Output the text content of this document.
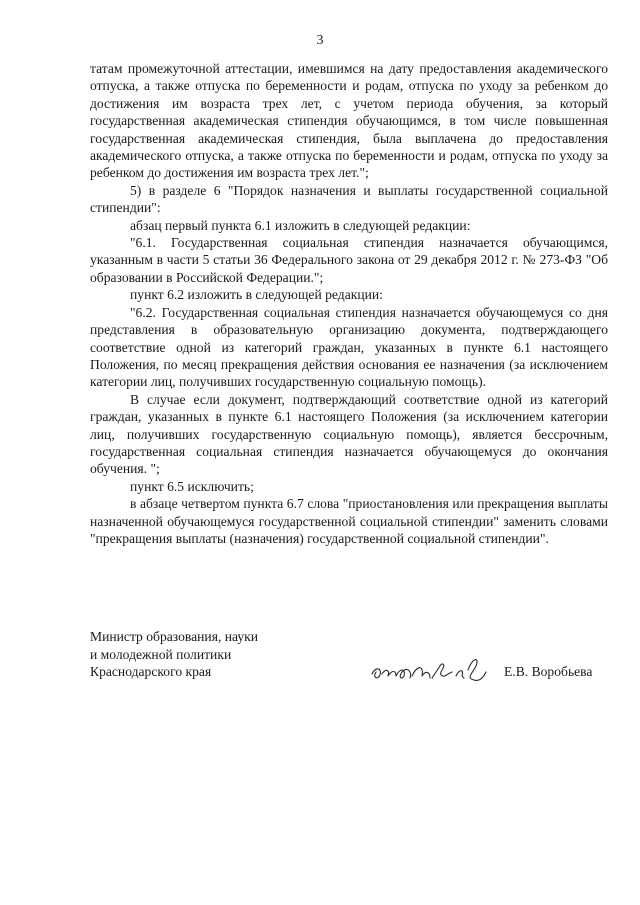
3

татам промежуточной аттестации, имевшимся на дату предоставления академического отпуска, а также отпуска по беременности и родам, отпуска по уходу за ребенком до достижения им возраста трех лет, с учетом периода обучения, за который государственная академическая стипендия обучающимся, в том числе повышенная государственная академическая стипендия, была выплачена до предоставления академического отпуска, а также отпуска по беременности и родам, отпуска по уходу за ребенком до достижения им возраста трех лет.";

5) в разделе 6 "Порядок назначения и выплаты государственной социальной стипендии":

абзац первый пункта 6.1 изложить в следующей редакции:

"6.1. Государственная социальная стипендия назначается обучающимся, указанным в части 5 статьи 36 Федерального закона от 29 декабря 2012 г. № 273-ФЗ "Об образовании в Российской Федерации.";

пункт 6.2 изложить в следующей редакции:

"6.2. Государственная социальная стипендия назначается обучающемуся со дня представления в образовательную организацию документа, подтверждающего соответствие одной из категорий граждан, указанных в пункте 6.1 настоящего Положения, по месяц прекращения действия основания ее назначения (за исключением категории лиц, получивших государственную социальную помощь).

В случае если документ, подтверждающий соответствие одной из категорий граждан, указанных в пункте 6.1 настоящего Положения (за исключением категории лиц, получивших государственную социальную помощь), является бессрочным, государственная социальная стипендия назначается обучающемуся до окончания обучения. ";

пункт 6.5 исключить;

в абзаце четвертом пункта 6.7 слова "приостановления или прекращения выплаты назначенной обучающемуся государственной социальной стипендии" заменить словами "прекращения выплаты (назначения) государственной социальной стипендии".

Министр образования, науки
и молодежной политики
Краснодарского края	Е.В. Воробьева
